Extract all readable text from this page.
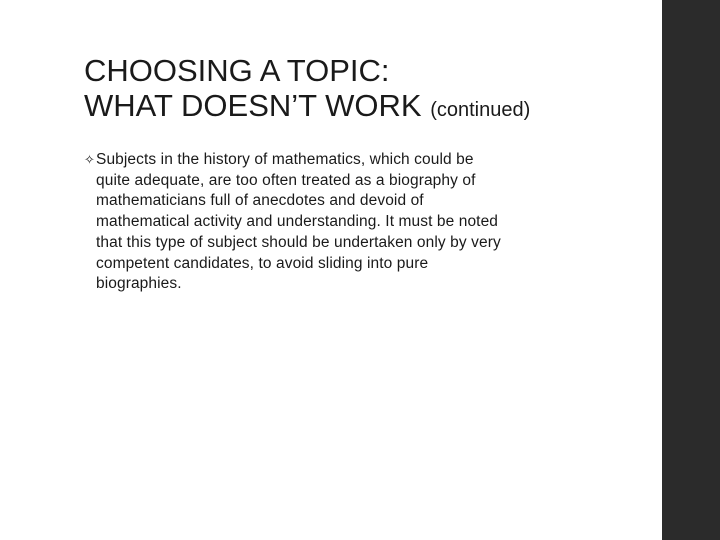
CHOOSING A TOPIC:
WHAT DOESN’T WORK (continued)
✧ Subjects in the history of mathematics, which could be
quite adequate, are too often treated as a biography of
mathematicians full of anecdotes and devoid of
mathematical activity and understanding. It must be noted
that this type of subject should be undertaken only by very
competent candidates, to avoid sliding into pure
biographies.
